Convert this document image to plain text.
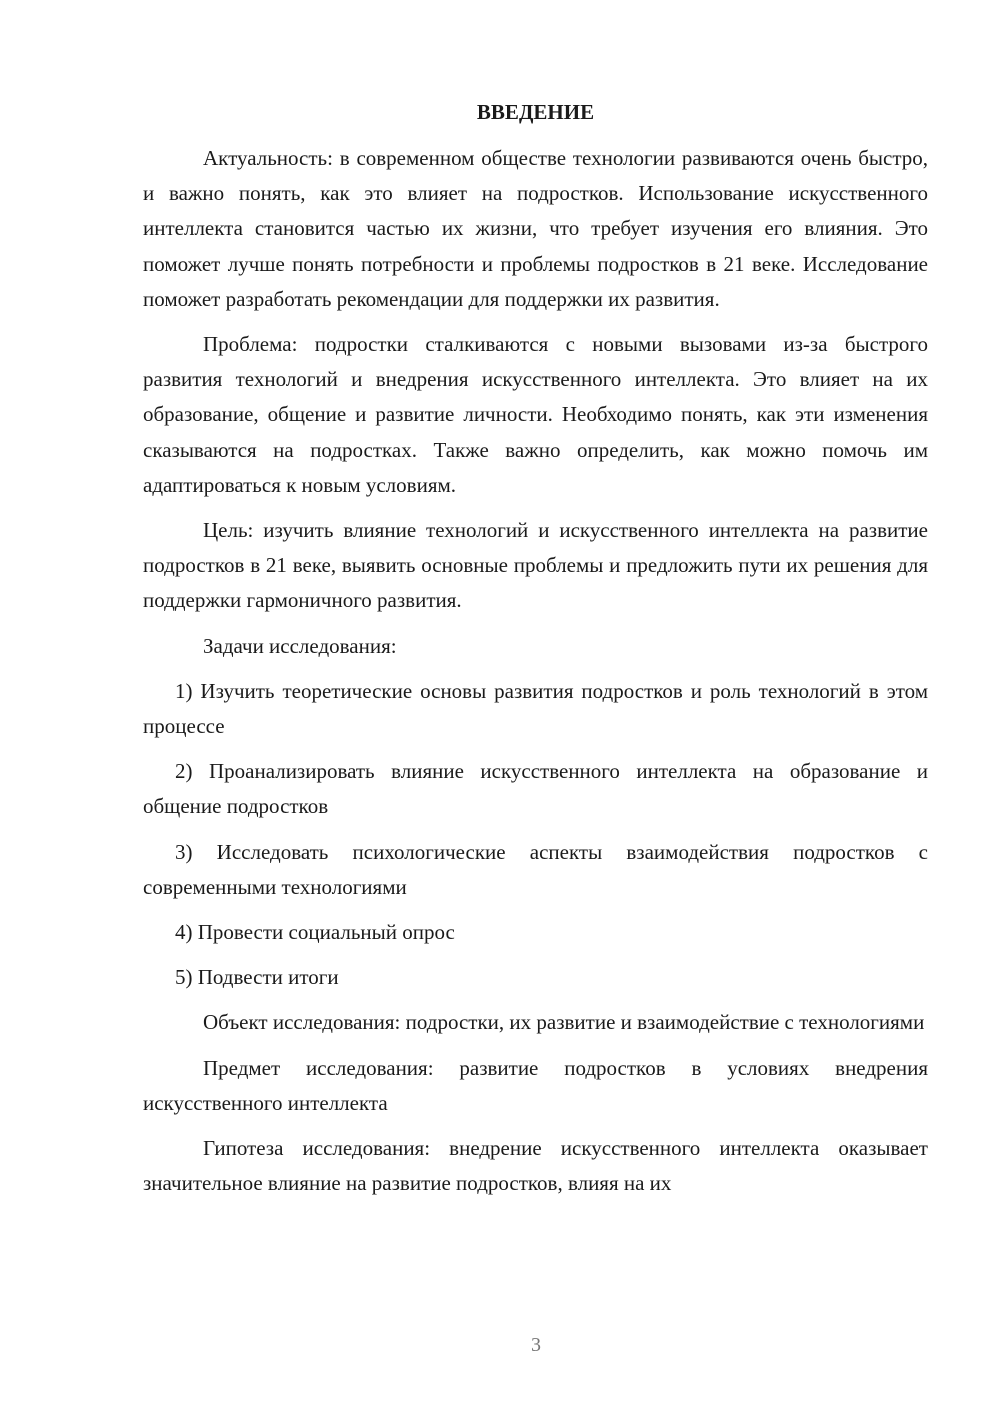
ВВЕДЕНИЕ

Актуальность: в современном обществе технологии развиваются очень быстро, и важно понять, как это влияет на подростков. Использование искусственного интеллекта становится частью их жизни, что требует изучения его влияния. Это поможет лучше понять потребности и проблемы подростков в 21 веке. Исследование поможет разработать рекомендации для поддержки их развития.

Проблема: подростки сталкиваются с новыми вызовами из-за быстрого развития технологий и внедрения искусственного интеллекта. Это влияет на их образование, общение и развитие личности. Необходимо понять, как эти изменения сказываются на подростках. Также важно определить, как можно помочь им адаптироваться к новым условиям.

Цель: изучить влияние технологий и искусственного интеллекта на развитие подростков в 21 веке, выявить основные проблемы и предложить пути их решения для поддержки гармоничного развития.

Задачи исследования:

1) Изучить теоретические основы развития подростков и роль технологий в этом процессе

2) Проанализировать влияние искусственного интеллекта на образование и общение подростков

3) Исследовать психологические аспекты взаимодействия подростков с современными технологиями

4) Провести социальный опрос

5) Подвести итоги

Объект исследования: подростки, их развитие и взаимодействие с технологиями

Предмет исследования: развитие подростков в условиях внедрения искусственного интеллекта

Гипотеза исследования: внедрение искусственного интеллекта оказывает значительное влияние на развитие подростков, влияя на их

3
